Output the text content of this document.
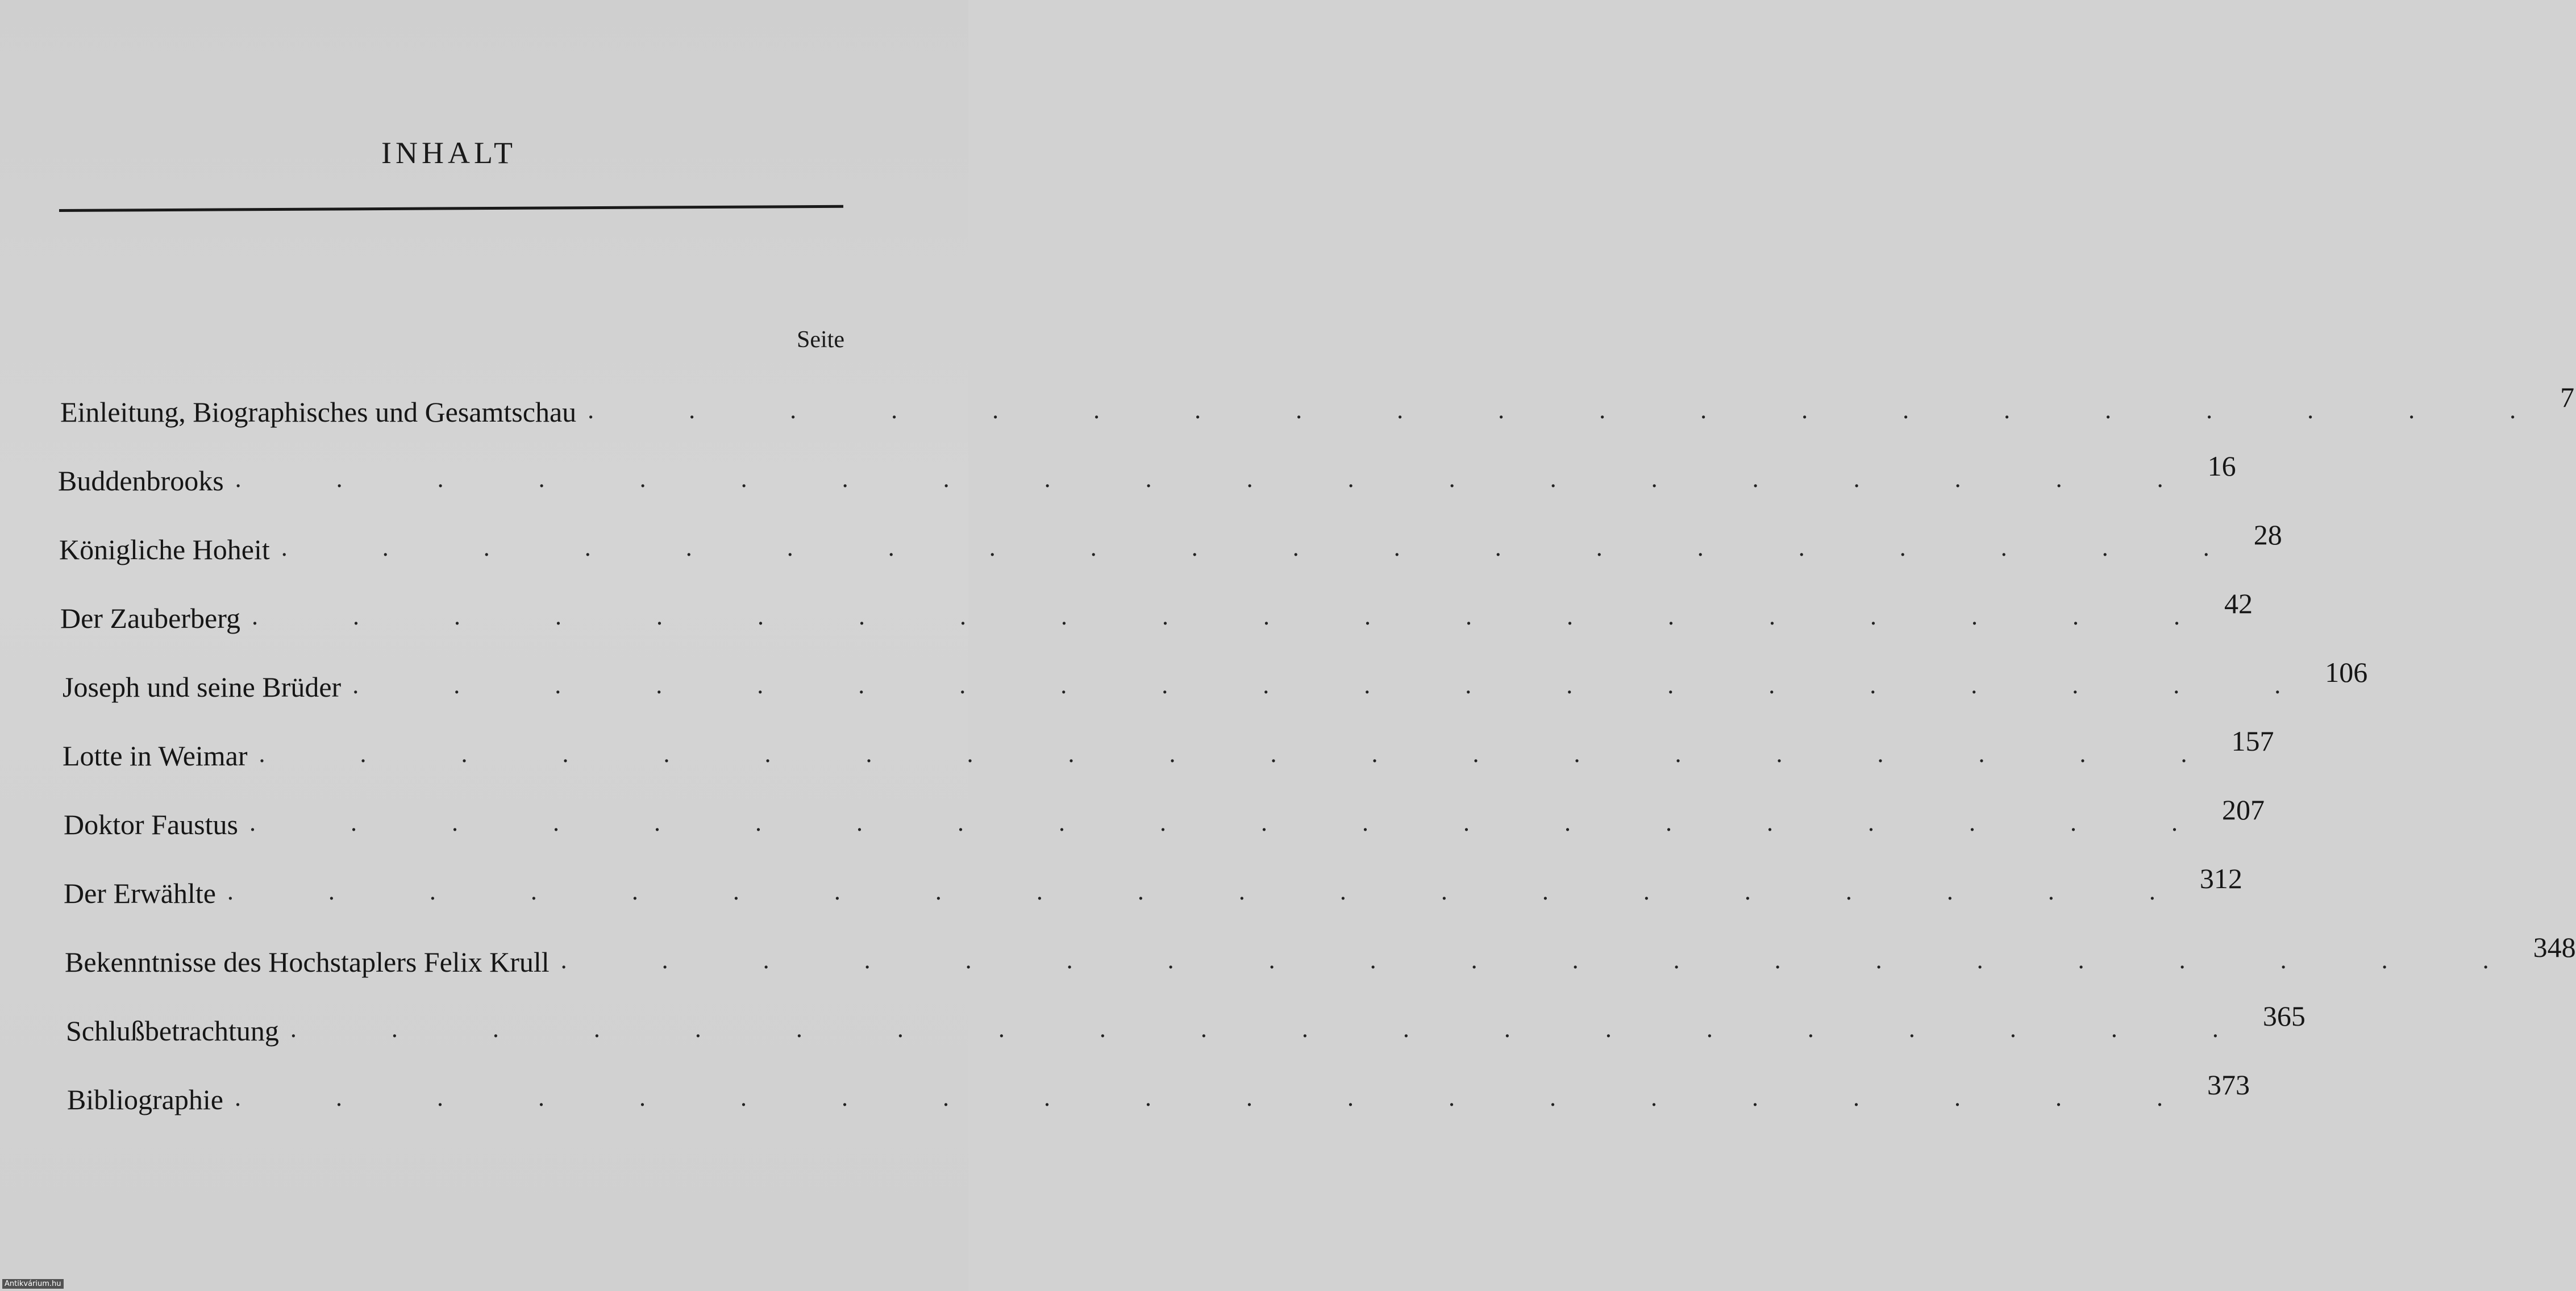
INHALT
Seite
Einleitung, Biographisches und Gesamtschau . . . . . . . . . . . . . . . . . . . . 7
Buddenbrooks . . . . . . . . . . . . . . . . . . . . 16
Königliche Hoheit . . . . . . . . . . . . . . . . . . . . 28
Der Zauberberg . . . . . . . . . . . . . . . . . . . . 42
Joseph und seine Brüder . . . . . . . . . . . . . . . . . . . . 106
Lotte in Weimar . . . . . . . . . . . . . . . . . . . . 157
Doktor Faustus . . . . . . . . . . . . . . . . . . . . 207
Der Erwählte . . . . . . . . . . . . . . . . . . . . 312
Bekenntnisse des Hochstaplers Felix Krull . . . . . . . . . . . . . . . . . . . . 348
Schlußbetrachtung . . . . . . . . . . . . . . . . . . . . 365
Bibliographie . . . . . . . . . . . . . . . . . . . . 373
Antikvárium.hu
